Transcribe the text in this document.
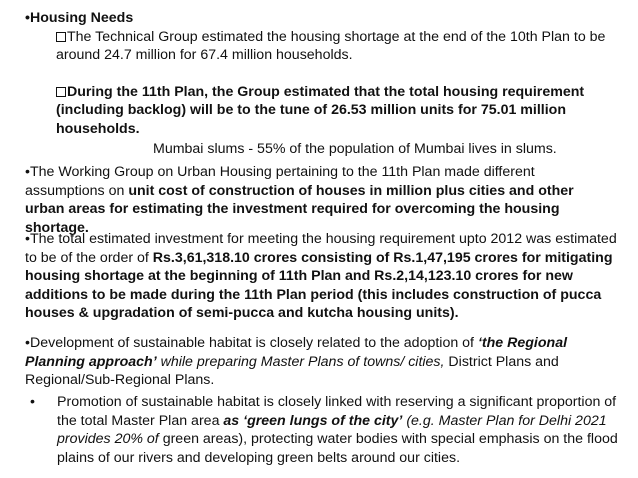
•Housing Needs
The Technical Group estimated the housing shortage at the end of the 10th Plan to be around 24.7 million for 67.4 million households.
During the 11th Plan, the Group estimated that the total housing requirement (including backlog) will be to the tune of 26.53 million units for 75.01 million households.
Mumbai slums - 55% of the population of Mumbai lives in slums.
•The Working Group on Urban Housing pertaining to the 11th Plan made different assumptions on unit cost of construction of houses in million plus cities and other urban areas for estimating the investment required for overcoming the housing shortage.
•The total estimated investment for meeting the housing requirement upto 2012 was estimated to be of the order of Rs.3,61,318.10 crores consisting of Rs.1,47,195 crores for mitigating housing shortage at the beginning of 11th Plan and Rs.2,14,123.10 crores for new additions to be made during the 11th Plan period (this includes construction of pucca houses & upgradation of semi-pucca and kutcha housing units).
•Development of sustainable habitat is closely related to the adoption of ‘the Regional Planning approach’ while preparing Master Plans of towns/ cities, District Plans and Regional/Sub-Regional Plans.
•	Promotion of sustainable habitat is closely linked with reserving a significant proportion of the total Master Plan area as ‘green lungs of the city’ (e.g. Master Plan for Delhi 2021 provides 20% of green areas), protecting water bodies with special emphasis on the flood plains of our rivers and developing green belts around our cities.
